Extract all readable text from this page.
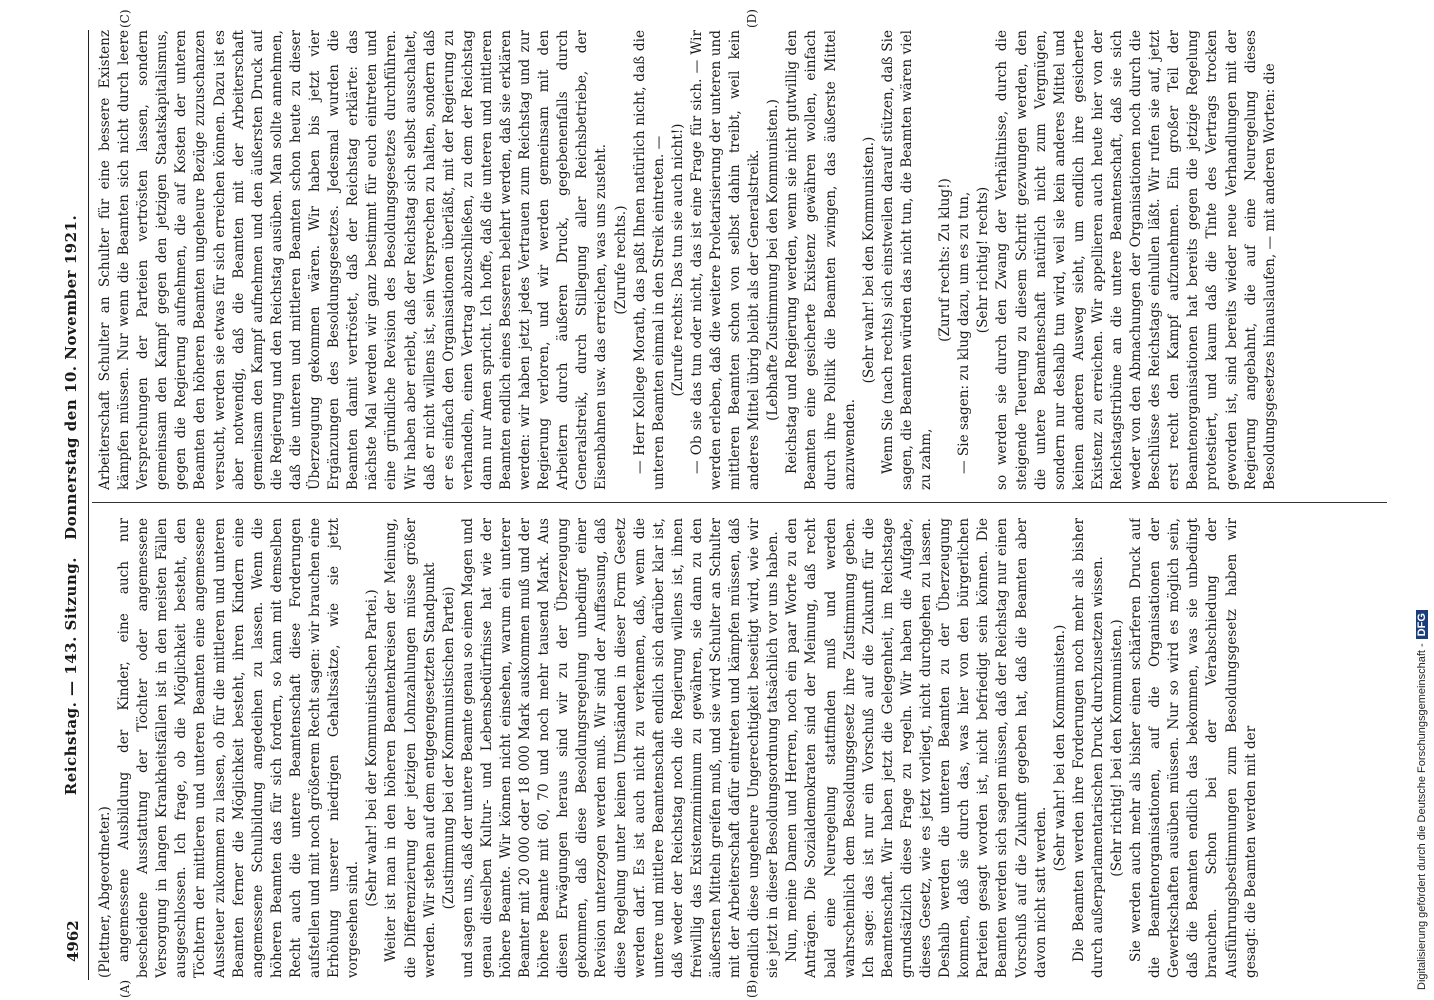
4962
Reichstag. — 143. Sitzung.   Donnerstag den 10. November 1921.
(A)	(B)
(C)	(D)

(Plettner, Abgeordneter.) angemessene Ausbildung der Kinder, eine auch nur bescheidene Ausstattung der Töchter oder angemessene Versorgung in langen Krankheitsfällen ist in den meisten Fällen ausgeschlossen. Ich frage, ob die Möglichkeit besteht, den Töchtern der mittleren und unteren Beamten eine angemessene Aussteuer zukommen zu lassen, ob für die mittleren und unteren Beamten ferner die Möglichkeit besteht, ihren Kindern eine angemessene Schulbildung angedeihen zu lassen. Wenn die höheren Beamten das für sich fordern, so kann mit demselben Recht auch die untere Beamtenschaft diese Forderungen aufstellen und mit noch größerem Recht sagen: wir brauchen eine Erhöhung unserer niedrigen Gehaltssätze, wie sie jetzt vorgesehen sind.

(Sehr wahr! bei der Kommunistischen Partei.) Weiter ist man in den höheren Beamtenkreisen der Meinung, die Differenzierung der jetzigen Lohnzahlungen müsse größer werden. Wir stehen auf dem entgegengesetzten Standpunkt (Zustimmung bei der Kommunistischen Partei) und sagen uns, daß der untere Beamte genau so einen Magen und genau dieselben Kultur- und Lebensbedürfnisse hat wie der höhere Beamte. Wir können nicht einsehen, warum ein unterer Beamter mit 20 000 oder 18 000 Mark auskommen muß und der höhere Beamte mit 60, 70 und noch mehr tausend Mark. Aus diesen Erwägungen heraus sind wir zu der Überzeugung gekommen, daß diese Besoldungsregelung unbedingt einer Revision unterzogen werden muß. Wir sind der Auffassung, daß diese Regelung unter keinen Umständen in dieser Form Gesetz werden darf. Es ist auch nicht zu verkennen, daß, wenn die untere und mittlere Beamtenschaft endlich sich darüber klar ist, daß weder der Reichstag noch die Regierung willens ist, ihnen freiwillig das Existenzminimum zu gewähren, sie dann zu den äußersten Mitteln greifen muß, und sie wird Schulter an Schulter mit der Arbeiterschaft dafür eintreten und kämpfen müssen, daß endlich diese ungeheure Ungerechtigkeit beseitigt wird, wie wir sie jetzt in dieser Besoldungsordnung tatsächlich vor uns haben. Nun, meine Damen und Herren, noch ein paar Worte zu den Anträgen. Die Sozialdemokraten sind der Meinung, daß recht bald eine Neuregelung stattfinden muß und werden wahrscheinlich dem Besoldungsgesetz ihre Zustimmung geben. Ich sage: das ist nur ein Vorschuß auf die Zukunft für die Beamtenschaft. Wir haben jetzt die Gelegenheit, im Reichstage grundsätzlich diese Frage zu regeln. Wir haben die Aufgabe, dieses Gesetz, wie es jetzt vorliegt, nicht durchgehen zu lassen. Deshalb werden die unteren Beamten zu der Überzeugung kommen, daß sie durch das, was hier von den bürgerlichen Parteien gesagt worden ist, nicht befriedigt sein können. Die Beamten werden sich sagen müssen, daß der Reichstag nur einen Vorschuß auf die Zukunft gegeben hat, daß die Beamten aber davon nicht satt werden.

(Sehr wahr! bei den Kommunisten.) Die Beamten werden ihre Forderungen noch mehr als bisher durch außerparlamentarischen Druck durchzusetzen wissen. (Sehr richtig! bei den Kommunisten.) Sie werden auch mehr als bisher einen schärferen Druck auf die Beamtenorganisationen, auf die Organisationen der Gewerkschaften ausüben müssen. Nur so wird es möglich sein, daß die Beamten endlich das bekommen, was sie unbedingt brauchen. Schon bei der Verabschiedung der Ausführungsbestimmungen zum Besoldungsgesetz haben wir gesagt: die Beamten werden mit der

Arbeiterschaft Schulter an Schulter für eine bessere Existenz kämpfen müssen. Nur wenn die Beamten sich nicht durch leere Versprechungen der Parteien vertrösten lassen, sondern gemeinsam den Kampf gegen den jetzigen Staatskapitalismus, gegen die Regierung aufnehmen, die auf Kosten der unteren Beamten den höheren Beamten ungeheure Bezüge zuzuschanzen versucht, werden sie etwas für sich erreichen können. Dazu ist es aber notwendig, daß die Beamten mit der Arbeiterschaft gemeinsam den Kampf aufnehmen und den äußersten Druck auf die Regierung und den Reichstag ausüben. Man sollte annehmen, daß die unteren und mittleren Beamten schon heute zu dieser Überzeugung gekommen wären. Wir haben bis jetzt vier Ergänzungen des Besoldungsgesetzes. Jedesmal wurden die Beamten damit vertröstet, daß der Reichstag erklärte: das nächste Mal werden wir ganz bestimmt für euch eintreten und eine gründliche Revision des Besoldungsgesetzes durchführen. Wir haben aber erlebt, daß der Reichstag sich selbst ausschaltet, daß er nicht willens ist, sein Versprechen zu halten, sondern daß er es einfach den Organisationen überläßt, mit der Regierung zu verhandeln, einen Vertrag abzuschließen, zu dem der Reichstag dann nur Amen spricht. Ich hoffe, daß die unteren und mittleren Beamten endlich eines Besseren belehrt werden, daß sie erklären werden: wir haben jetzt jedes Vertrauen zum Reichstag und zur Regierung verloren, und wir werden gemeinsam mit den Arbeitern durch äußeren Druck, gegebenenfalls durch Generalstreik, durch Stillegung aller Reichsbetriebe, der Eisenbahnen usw. das erreichen, was uns zusteht. (Zurufe rechts.) — Herr Kollege Morath, das paßt Ihnen natürlich nicht, daß die unteren Beamten einmal in den Streik eintreten. — (Zurufe rechts: Das tun sie auch nicht!) — Ob sie das tun oder nicht, das ist eine Frage für sich. — Wir werden erleben, daß die weitere Proletarisierung der unteren und mittleren Beamten schon von selbst dahin treibt, weil kein anderes Mittel übrig bleibt als der Generalstreik. (Lebhafte Zustimmung bei den Kommunisten.) Reichstag und Regierung werden, wenn sie nicht gutwillig den Beamten eine gesicherte Existenz gewähren wollen, einfach durch ihre Politik die Beamten zwingen, das äußerste Mittel anzuwenden.

(Sehr wahr! bei den Kommunisten.) Wenn Sie (nach rechts) sich einstweilen darauf stützen, daß Sie sagen, die Beamten würden das nicht tun, die Beamten wären viel zu zahm,

(Zuruf rechts: Zu klug!) — Sie sagen: zu klug dazu, um es zu tun, (Sehr richtig! rechts) so werden sie durch den Zwang der Verhältnisse, durch die steigende Teuerung zu diesem Schritt gezwungen werden, den die untere Beamtenschaft natürlich nicht zum Vergnügen, sondern nur deshalb tun wird, weil sie kein anderes Mittel und keinen anderen Ausweg sieht, um endlich ihre gesicherte Existenz zu erreichen. Wir appellieren auch heute hier von der Reichstagstribüne an die untere Beamtenschaft, daß sie sich weder von den Abmachungen der Organisationen noch durch die Beschlüsse des Reichstags einlullen läßt. Wir rufen sie auf, jetzt erst recht den Kampf aufzunehmen. Ein großer Teil der Beamtenorganisationen hat bereits gegen die jetzige Regelung protestiert, und kaum daß die Tinte des Vertrags trocken geworden ist, sind bereits wieder neue Verhandlungen mit der Regierung angebahnt, die auf eine Neuregelung dieses Besoldungsgesetzes hinauslaufen, — mit anderen Worten: die

Digitalisierung gefördert durch die Deutsche Forschungsgemeinschaft -DFG
